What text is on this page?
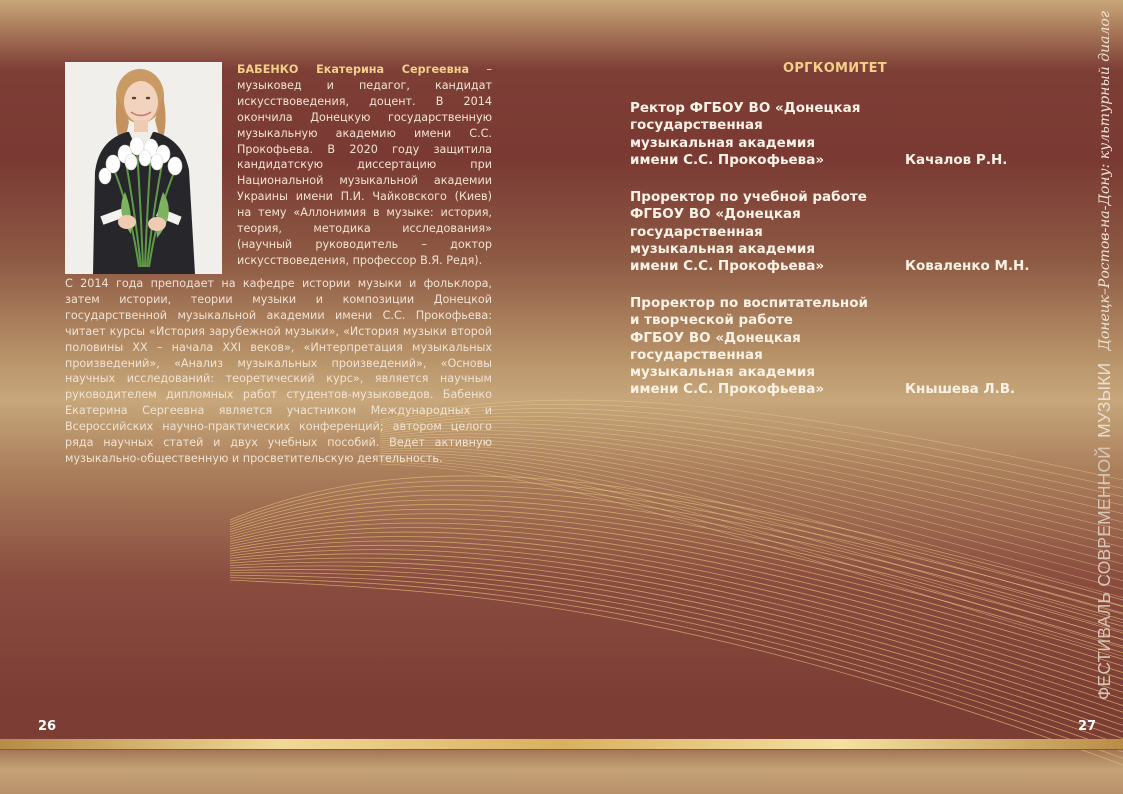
БАБЕНКО Екатерина Сергеевна – музыковед и педагог, кандидат искусствоведения, доцент. В 2014 окончила Донецкую государственную музыкальную академию имени С.С. Прокофьева. В 2020 году защитила кандидатскую диссертацию при Национальной музыкальной академии Украины имени П.И. Чайковского (Киев) на тему «Аллонимия в музыке: история, теория, методика исследования» (научный руководитель – доктор искусствоведения, профессор В.Я. Редя).
С 2014 года преподает на кафедре истории музыки и фольклора, затем истории, теории музыки и композиции Донецкой государственной музыкальной академии имени С.С. Прокофьева: читает курсы «История зарубежной музыки», «История музыки второй половины XX – начала XXI веков», «Интерпретация музыкальных произведений», «Анализ музыкальных произведений», «Основы научных исследований: теоретический курс», является научным руководителем дипломных работ студентов-музыковедов. Бабенко Екатерина Сергеевна является участником Международных и Всероссийских научно-практических конференций; автором целого ряда научных статей и двух учебных пособий. Ведет активную музыкально-общественную и просветительскую деятельность.
ОРГКОМИТЕТ

Ректор ФГБОУ ВО «Донецкая
государственная
музыкальная академия
имени С.С. Прокофьева»	Качалов Р.Н.

Проректор по учебной работе
ФГБОУ ВО «Донецкая
государственная
музыкальная академия
имени С.С. Прокофьева»	Коваленко М.Н.

Проректор по воспитательной
и творческой работе
ФГБОУ ВО «Донецкая
государственная
музыкальная академия
имени С.С. Прокофьева»	Кнышева Л.В.
26	27
ФЕСТИВАЛЬ СОВРЕМЕННОЙ
МУЗЫКИ
Донецк–Ростов-на-Дону: культурный диалог
